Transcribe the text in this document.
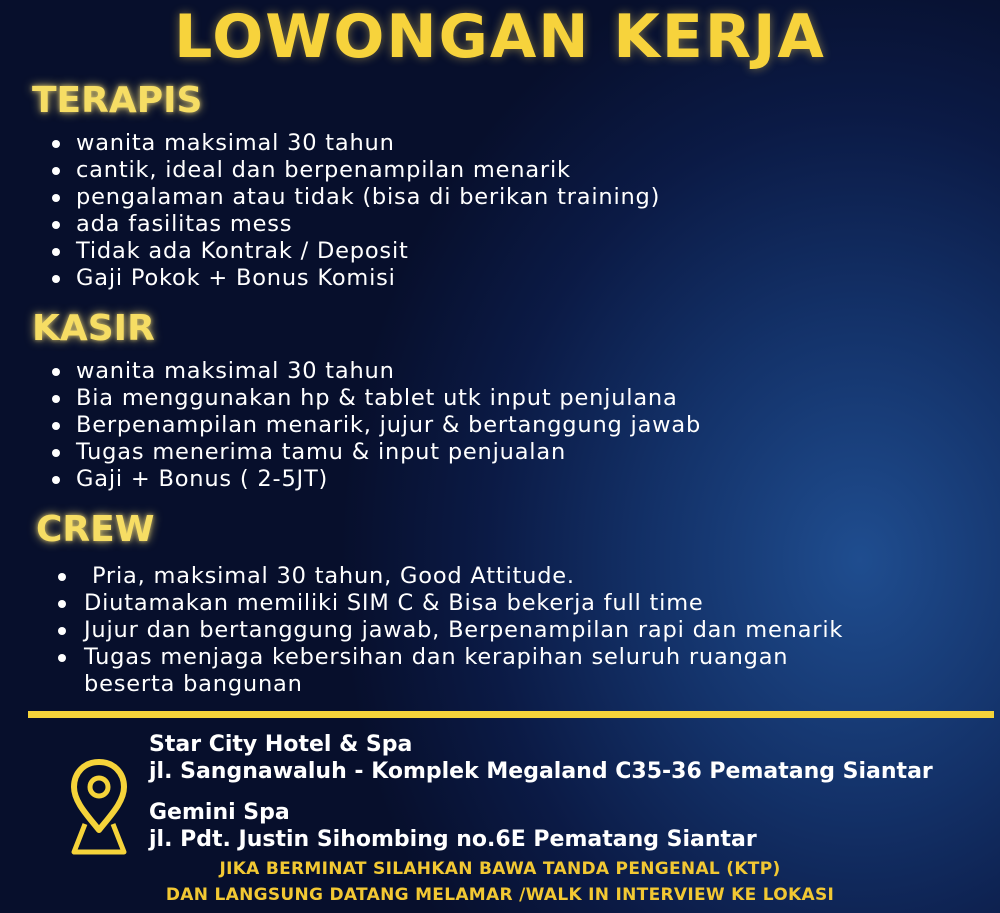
LOWONGAN KERJA
TERAPIS
wanita maksimal 30 tahun
cantik, ideal dan berpenampilan menarik
pengalaman atau tidak (bisa di berikan training)
ada fasilitas mess
Tidak ada Kontrak / Deposit
Gaji Pokok + Bonus Komisi
KASIR
wanita maksimal 30 tahun
Bia menggunakan hp & tablet utk input penjulana
Berpenampilan menarik, jujur & bertanggung jawab
Tugas menerima tamu & input penjualan
Gaji + Bonus ( 2-5JT)
CREW
Pria, maksimal 30 tahun, Good Attitude.
Diutamakan memiliki SIM C & Bisa bekerja full time
Jujur dan bertanggung jawab, Berpenampilan rapi dan menarik
Tugas menjaga kebersihan dan kerapihan seluruh ruangan
beserta bangunan
Star City Hotel & Spa
jl. Sangnawaluh - Komplek Megaland C35-36 Pematang Siantar
Gemini Spa
jl. Pdt. Justin Sihombing no.6E Pematang Siantar
JIKA BERMINAT SILAHKAN BAWA TANDA PENGENAL (KTP)
DAN LANGSUNG DATANG MELAMAR /WALK IN INTERVIEW KE LOKASI
